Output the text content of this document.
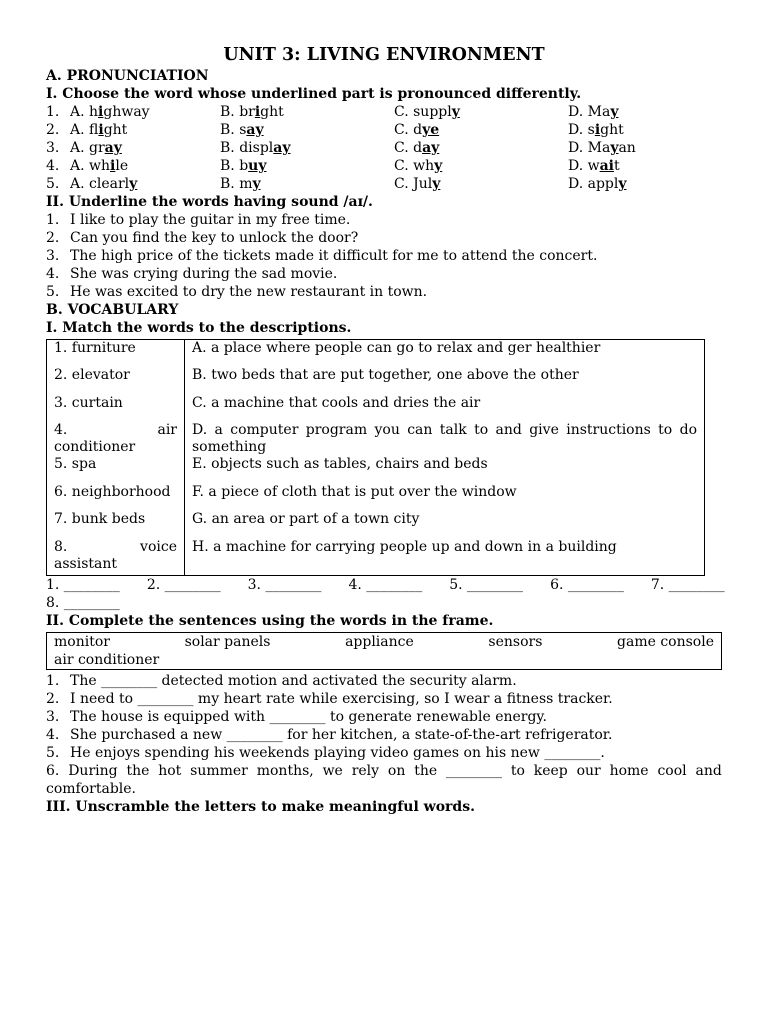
UNIT 3: LIVING ENVIRONMENT
A. PRONUNCIATION
I. Choose the word whose underlined part is pronounced differently.
1. A. highway	B. bright	C. supply	D. May
2. A. flight	B. say	C. dye	D. sight
3. A. gray	B. display	C. day	D. Mayan
4. A. while	B. buy	C. why	D. wait
5. A. clearly	B. my	C. July	D. apply
II. Underline the words having sound /aɪ/.
1. I like to play the guitar in my free time.
2. Can you find the key to unlock the door?
3. The high price of the tickets made it difficult for me to attend the concert.
4. She was crying during the sad movie.
5. He was excited to dry the new restaurant in town.
B. VOCABULARY
I. Match the words to the descriptions.
1. furniture	A. a place where people can go to relax and ger healthier

2. elevator	B. two beds that are put together, one above the other

3. curtain	C. a machine that cools and dries the air

4. air
conditioner	D. a computer program you can talk to and give instructions to do something

5. spa	E. objects such as tables, chairs and beds

6. neighborhood	F. a piece of cloth that is put over the window

7. bunk beds	G. an area or part of a town city

8. voice
assistant	H. a machine for carrying people up and down in a building
1. ________ 2. ________ 3. ________ 4. ________ 5. ________ 6. ________ 7. ________
8. ________
II. Complete the sentences using the words in the frame.
monitor	solar panels	appliance	sensors	game console
air conditioner
1. The ________ detected motion and activated the security alarm.
2. I need to ________ my heart rate while exercising, so I wear a fitness tracker.
3. The house is equipped with ________ to generate renewable energy.
4. She purchased a new ________ for her kitchen, a state-of-the-art refrigerator.
5. He enjoys spending his weekends playing video games on his new ________.
6. During the hot summer months, we rely on the ________ to keep our home cool and
comfortable.
III. Unscramble the letters to make meaningful words.
